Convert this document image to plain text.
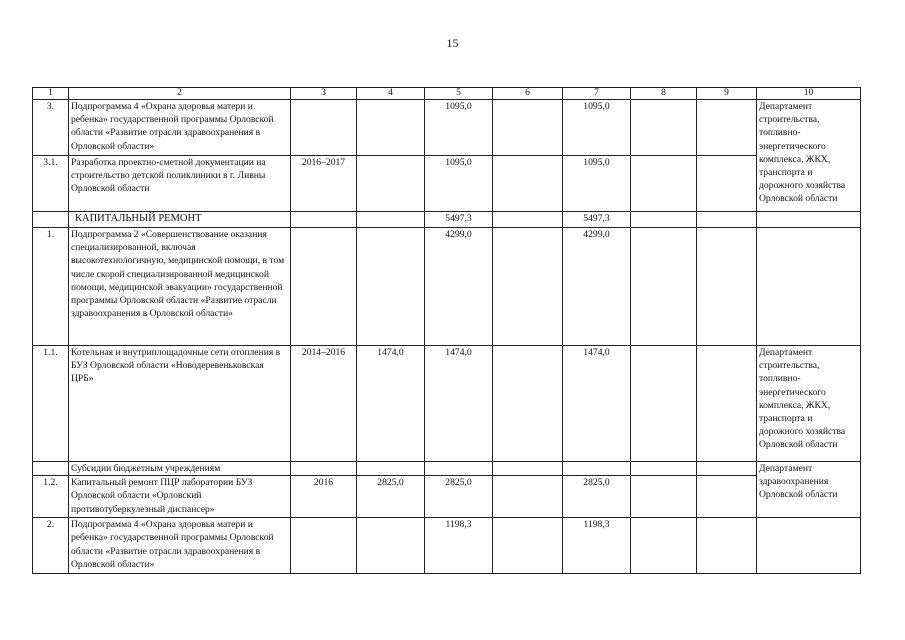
15
1	2	3	4	5	6	7	8	9	10
3.	Подпрограмма 4 «Охрана здоровья матери и ребенка» государственной программы Орловской области «Развитие отрасли здравоохранения в Орловской области»			1095,0		1095,0			Департамент строительства, топливно-энергетического комплекса, ЖКХ, транспорта и дорожного хозяйства Орловской области
3.1.	Разработка проектно-сметной документации на строительство детской поликлиники в г. Ливны Орловской области	2016–2017		1095,0		1095,0			
	КАПИТАЛЬНЫЙ РЕМОНТ			5497,3		5497,3			
1.	Подпрограмма 2 «Совершенствование оказания специализированной, включая высокотехнологичную, медицинской помощи, в том числе скорой специализированной медицинской помощи, медицинской эвакуации» государственной программы Орловской области «Развитие отрасли здравоохранения в Орловской области»			4299,0		4299,0			
1.1.	Котельная и внутриплощадочные сети отопления в БУЗ Орловской области «Новодеревеньковская ЦРБ»	2014–2016	1474,0	1474,0		1474,0			Департамент строительства, топливно-энергетического комплекса, ЖКХ, транспорта и дорожного хозяйства Орловской области
	Субсидии бюджетным учреждениям								Департамент здравоохранения Орловской области
1.2.	Капитальный ремонт ПЦР лаборатории БУЗ Орловской области «Орловский противотуберкулезный диспансер»	2016	2825,0	2825,0		2825,0			
2.	Подпрограмма 4 «Охрана здоровья матери и ребенка» государственной программы Орловской области «Развитие отрасли здравоохранения в Орловской области»			1198,3		1198,3			
